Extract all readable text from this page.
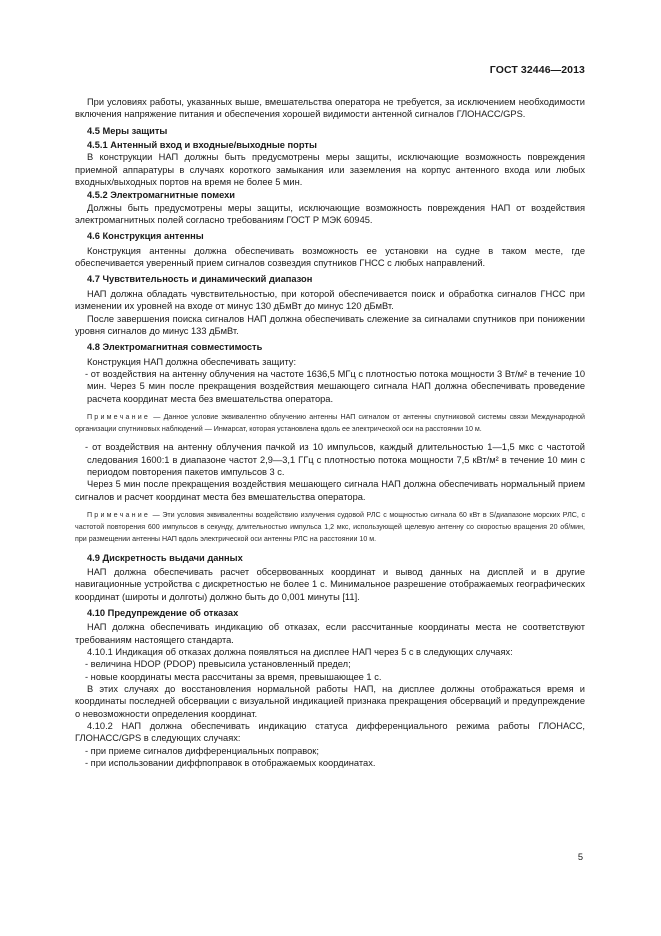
ГОСТ 32446—2013

При условиях работы, указанных выше, вмешательства оператора не требуется, за исключением необходимости включения напряжение питания и обеспечения хорошей видимости антенной сигналов ГЛОНАСС/GPS.

4.5 Меры защиты

4.5.1 Антенный вход и входные/выходные порты

В конструкции НАП должны быть предусмотрены меры защиты, исключающие возможность повреждения приемной аппаратуры в случаях короткого замыкания или заземления на корпус антенного входа или любых входных/выходных портов на время не более 5 мин.

4.5.2 Электромагнитные помехи

Должны быть предусмотрены меры защиты, исключающие возможность повреждения НАП от воздействия электромагнитных полей согласно требованиям ГОСТ Р МЭК 60945.

4.6 Конструкция антенны

Конструкция антенны должна обеспечивать возможность ее установки на судне в таком месте, где обеспечивается уверенный прием сигналов созвездия спутников ГНСС с любых направлений.

4.7 Чувствительность и динамический диапазон

НАП должна обладать чувствительностью, при которой обеспечивается поиск и обработка сигналов ГНСС при изменении их уровней на входе от минус 130 дБмВт до минус 120 дБмВт.

После завершения поиска сигналов НАП должна обеспечивать слежение за сигналами спутников при понижении уровня сигналов до минус 133 дБмВт.

4.8 Электромагнитная совместимость

Конструкция НАП должна обеспечивать защиту:

- от воздействия на антенну облучения на частоте 1636,5 МГц с плотностью потока мощности 3 Вт/м² в течение 10 мин. Через 5 мин после прекращения воздействия мешающего сигнала НАП должна обеспечивать проведение расчета координат места без вмешательства оператора.

Примечание — Данное условие эквивалентно облучению антенны НАП сигналом от антенны спутниковой системы связи Международной организации спутниковых наблюдений — Инмарсат, которая установлена вдоль ее электрической оси на расстоянии 10 м.

- от воздействия на антенну облучения пачкой из 10 импульсов, каждый длительностью 1—1,5 мкс с частотой следования 1600:1 в диапазоне частот 2,9—3,1 ГГц с плотностью потока мощности 7,5 кВт/м² в течение 10 мин с периодом повторения пакетов импульсов 3 с.

Через 5 мин после прекращения воздействия мешающего сигнала НАП должна обеспечивать нормальный прием сигналов и расчет координат места без вмешательства оператора.

Примечание — Эти условия эквивалентны воздействию излучения судовой РЛС с мощностью сигнала 60 кВт в S/диапазоне морских РЛС, с частотой повторения 600 импульсов в секунду, длительностью импульса 1,2 мкс, использующей щелевую антенну со скоростью вращения 20 об/мин, при размещении антенны НАП вдоль электрической оси антенны РЛС на расстоянии 10 м.

4.9 Дискретность выдачи данных

НАП должна обеспечивать расчет обсервованных координат и вывод данных на дисплей и в другие навигационные устройства с дискретностью не более 1 с. Минимальное разрешение отображаемых географических координат (широты и долготы) должно быть до 0,001 минуты [11].

4.10 Предупреждение об отказах

НАП должна обеспечивать индикацию об отказах, если рассчитанные координаты места не соответствуют требованиям настоящего стандарта.

4.10.1 Индикация об отказах должна появляться на дисплее НАП через 5 с в следующих случаях:

- величина HDOP (PDOP) превысила установленный предел;

- новые координаты места рассчитаны за время, превышающее 1 с.

В этих случаях до восстановления нормальной работы НАП, на дисплее должны отображаться время и координаты последней обсервации с визуальной индикацией признака прекращения обсерваций и предупреждение о невозможности определения координат.

4.10.2 НАП должна обеспечивать индикацию статуса дифференциального режима работы ГЛОНАСС, ГЛОНАСС/GPS в следующих случаях:

- при приеме сигналов дифференциальных поправок;

- при использовании диффпоправок в отображаемых координатах.

5
